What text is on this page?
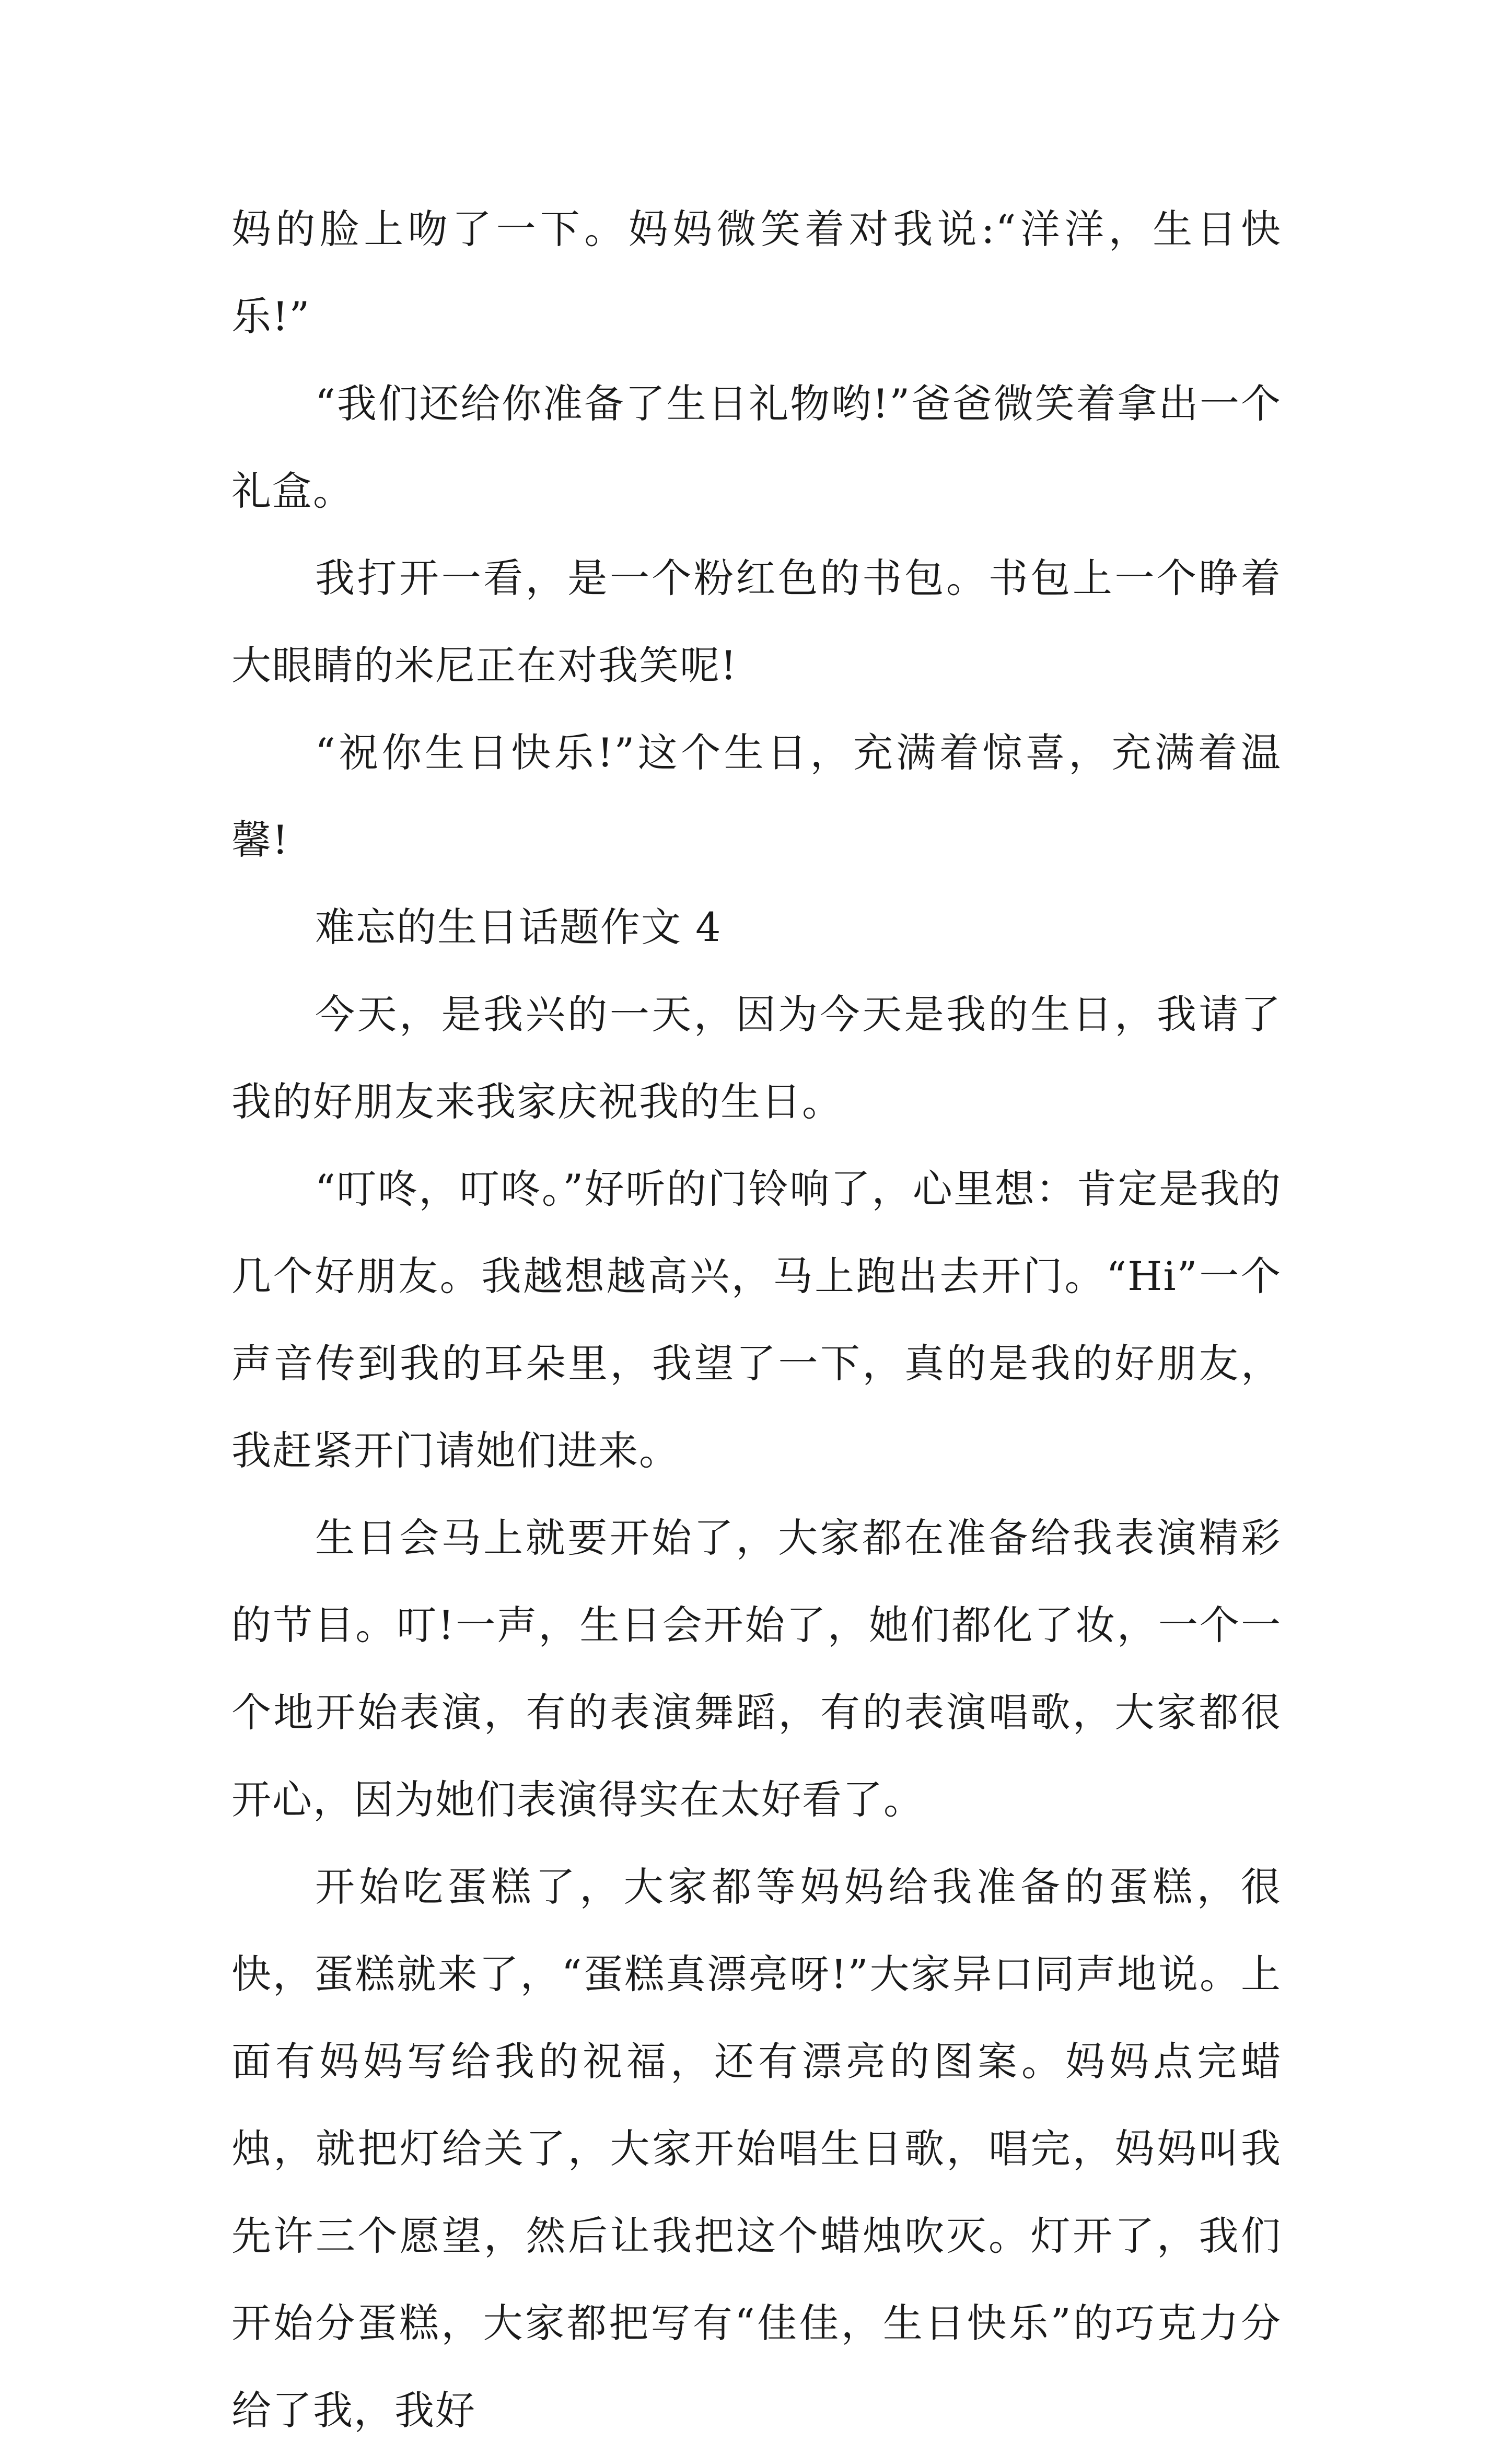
妈的脸上吻了一下。妈妈微笑着对我说:“洋洋，生日快乐!”

“我们还给你准备了生日礼物哟!”爸爸微笑着拿出一个礼盒。

我打开一看，是一个粉红色的书包。书包上一个睁着大眼睛的米尼正在对我笑呢!

“祝你生日快乐!”这个生日，充满着惊喜，充满着温馨!

难忘的生日话题作文 4

今天，是我兴的一天，因为今天是我的生日，我请了我的好朋友来我家庆祝我的生日。

“叮咚，叮咚。”好听的门铃响了，心里想：肯定是我的几个好朋友。我越想越高兴，马上跑出去开门。“Hi”一个声音传到我的耳朵里，我望了一下，真的是我的好朋友，我赶紧开门请她们进来。

生日会马上就要开始了，大家都在准备给我表演精彩的节目。叮!一声，生日会开始了，她们都化了妆，一个一个地开始表演，有的表演舞蹈，有的表演唱歌，大家都很开心，因为她们表演得实在太好看了。

开始吃蛋糕了，大家都等妈妈给我准备的蛋糕，很快，蛋糕就来了，“蛋糕真漂亮呀!”大家异口同声地说。上面有妈妈写给我的祝福，还有漂亮的图案。妈妈点完蜡烛，就把灯给关了，大家开始唱生日歌，唱完，妈妈叫我先许三个愿望，然后让我把这个蜡烛吹灭。灯开了，我们开始分蛋糕，大家都把写有“佳佳，生日快乐”的巧克力分给了我，我好
